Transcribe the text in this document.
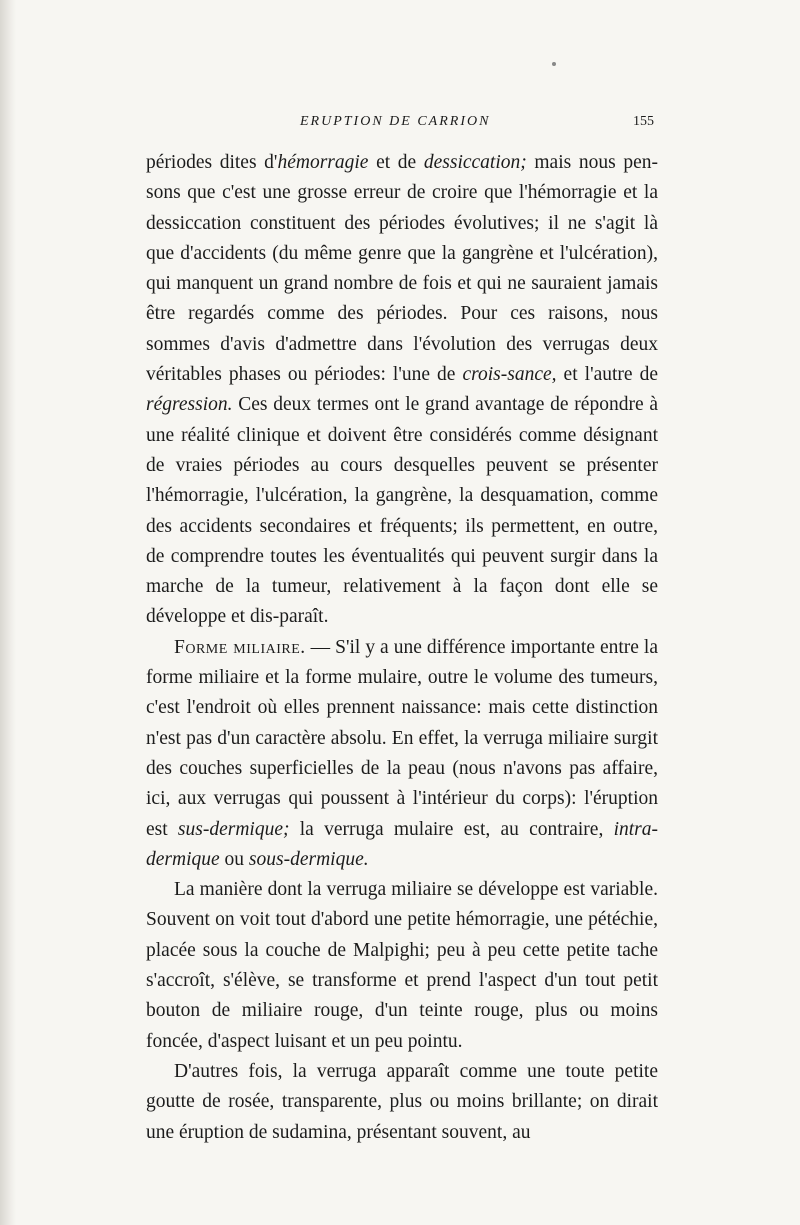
ERUPTION DE CARRION	155

périodes dites d'hémorragie et de dessiccation; mais nous pen-sons que c'est une grosse erreur de croire que l'hémorragie et la dessiccation constituent des périodes évolutives; il ne s'agit là que d'accidents (du même genre que la gangrène et l'ulcération), qui manquent un grand nombre de fois et qui ne sauraient jamais être regardés comme des périodes. Pour ces raisons, nous sommes d'avis d'admettre dans l'évolution des verrugas deux véritables phases ou périodes: l'une de crois-sance, et l'autre de régression. Ces deux termes ont le grand avantage de répondre à une réalité clinique et doivent être considérés comme désignant de vraies périodes au cours desquelles peuvent se présenter l'hémorragie, l'ulcération, la gangrène, la desquamation, comme des accidents secondaires et fréquents; ils permettent, en outre, de comprendre toutes les éventualités qui peuvent surgir dans la marche de la tumeur, relativement à la façon dont elle se développe et dis-paraît.

Forme miliaire. — S'il y a une différence importante entre la forme miliaire et la forme mulaire, outre le volume des tumeurs, c'est l'endroit où elles prennent naissance: mais cette distinction n'est pas d'un caractère absolu. En effet, la verruga miliaire surgit des couches superficielles de la peau (nous n'avons pas affaire, ici, aux verrugas qui poussent à l'intérieur du corps): l'éruption est sus-dermique; la verruga mulaire est, au contraire, intra-dermique ou sous-dermique.

La manière dont la verruga miliaire se développe est variable. Souvent on voit tout d'abord une petite hémorragie, une pétéchie, placée sous la couche de Malpighi; peu à peu cette petite tache s'accroît, s'élève, se transforme et prend l'aspect d'un tout petit bouton de miliaire rouge, d'un teinte rouge, plus ou moins foncée, d'aspect luisant et un peu pointu.

D'autres fois, la verruga apparaît comme une toute petite goutte de rosée, transparente, plus ou moins brillante; on dirait une éruption de sudamina, présentant souvent, au
